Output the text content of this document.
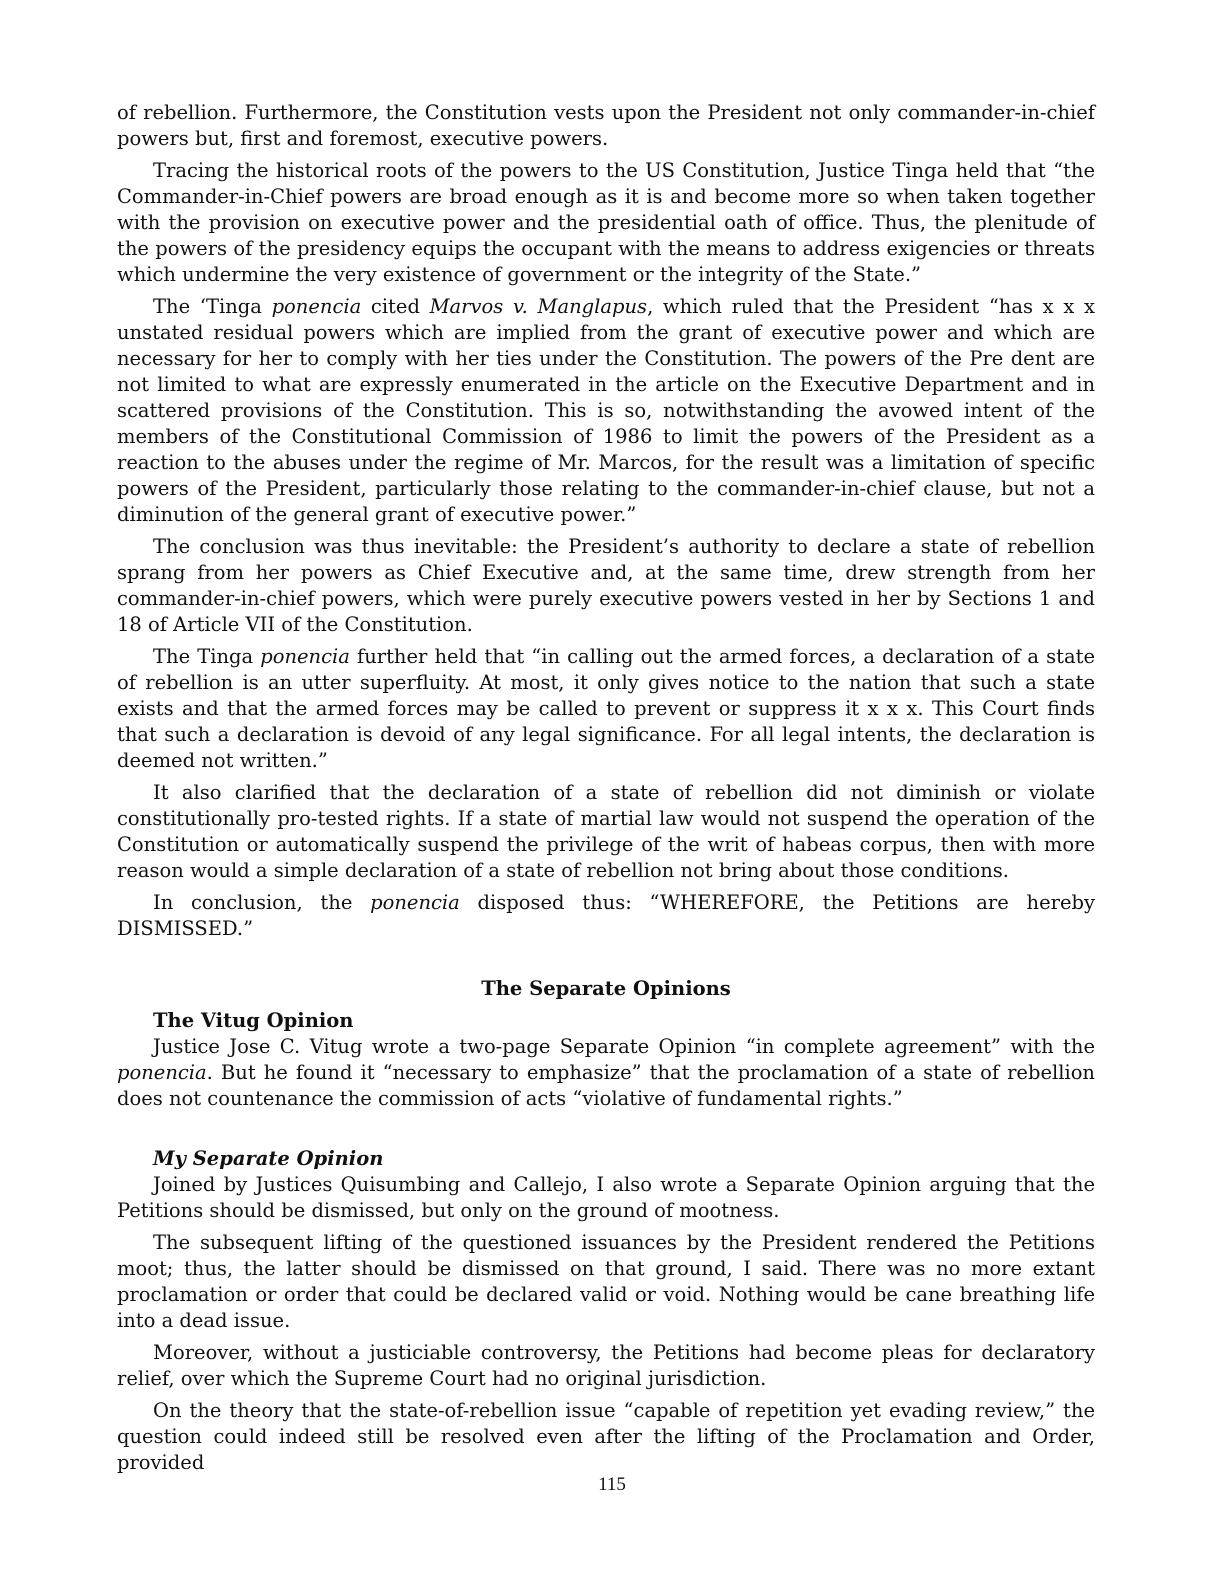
of rebellion. Furthermore, the Constitution vests upon the President not only commander-in-chief powers but, first and foremost, executive powers.

Tracing the historical roots of the powers to the US Constitution, Justice Tinga held that “the Commander-in-Chief powers are broad enough as it is and become more so when taken together with the provision on executive power and the presidential oath of office. Thus, the plenitude of the powers of the presidency equips the occupant with the means to address exigencies or threats which undermine the very existence of government or the integrity of the State.”

The ‘Tinga ponencia cited Marvos v. Manglapus, which ruled that the President “has x x x unstated residual powers which are implied from the grant of executive power and which are necessary for her to comply with her ties under the Constitution. The powers of the Pre dent are not limited to what are expressly enumerated in the article on the Executive Department and in scattered provisions of the Constitution. This is so, notwithstanding the avowed intent of the members of the Constitutional Commission of 1986 to limit the powers of the President as a reaction to the abuses under the regime of Mr. Marcos, for the result was a limitation of specific powers of the President, particularly those relating to the commander-in-chief clause, but not a diminution of the general grant of executive power.”

The conclusion was thus inevitable: the President’s authority to declare a state of rebellion sprang from her powers as Chief Executive and, at the same time, drew strength from her commander-in-chief powers, which were purely executive powers vested in her by Sections 1 and 18 of Article VII of the Constitution.

The Tinga ponencia further held that “in calling out the armed forces, a declaration of a state of rebellion is an utter superfluity. At most, it only gives notice to the nation that such a state exists and that the armed forces may be called to prevent or suppress it x x x. This Court finds that such a declaration is devoid of any legal significance. For all legal intents, the declaration is deemed not written.”

It also clarified that the declaration of a state of rebellion did not diminish or violate constitutionally pro-tested rights. If a state of martial law would not suspend the operation of the Constitution or automatically suspend the privilege of the writ of habeas corpus, then with more reason would a simple declaration of a state of rebellion not bring about those conditions.

In conclusion, the ponencia disposed thus: “WHEREFORE, the Petitions are hereby DISMISSED.”

The Separate Opinions
The Vitug Opinion

Justice Jose C. Vitug wrote a two-page Separate Opinion “in complete agreement” with the ponencia. But he found it “necessary to emphasize” that the proclamation of a state of rebellion does not countenance the commission of acts “violative of fundamental rights.”

My Separate Opinion

Joined by Justices Quisumbing and Callejo, I also wrote a Separate Opinion arguing that the Petitions should be dismissed, but only on the ground of mootness.

The subsequent lifting of the questioned issuances by the President rendered the Petitions moot; thus, the latter should be dismissed on that ground, I said. There was no more extant proclamation or order that could be declared valid or void. Nothing would be cane breathing life into a dead issue.

Moreover, without a justiciable controversy, the Petitions had become pleas for declaratory relief, over which the Supreme Court had no original jurisdiction.

On the theory that the state-of-rebellion issue “capable of repetition yet evading review,” the question could indeed still be resolved even after the lifting of the Proclamation and Order, provided

115
